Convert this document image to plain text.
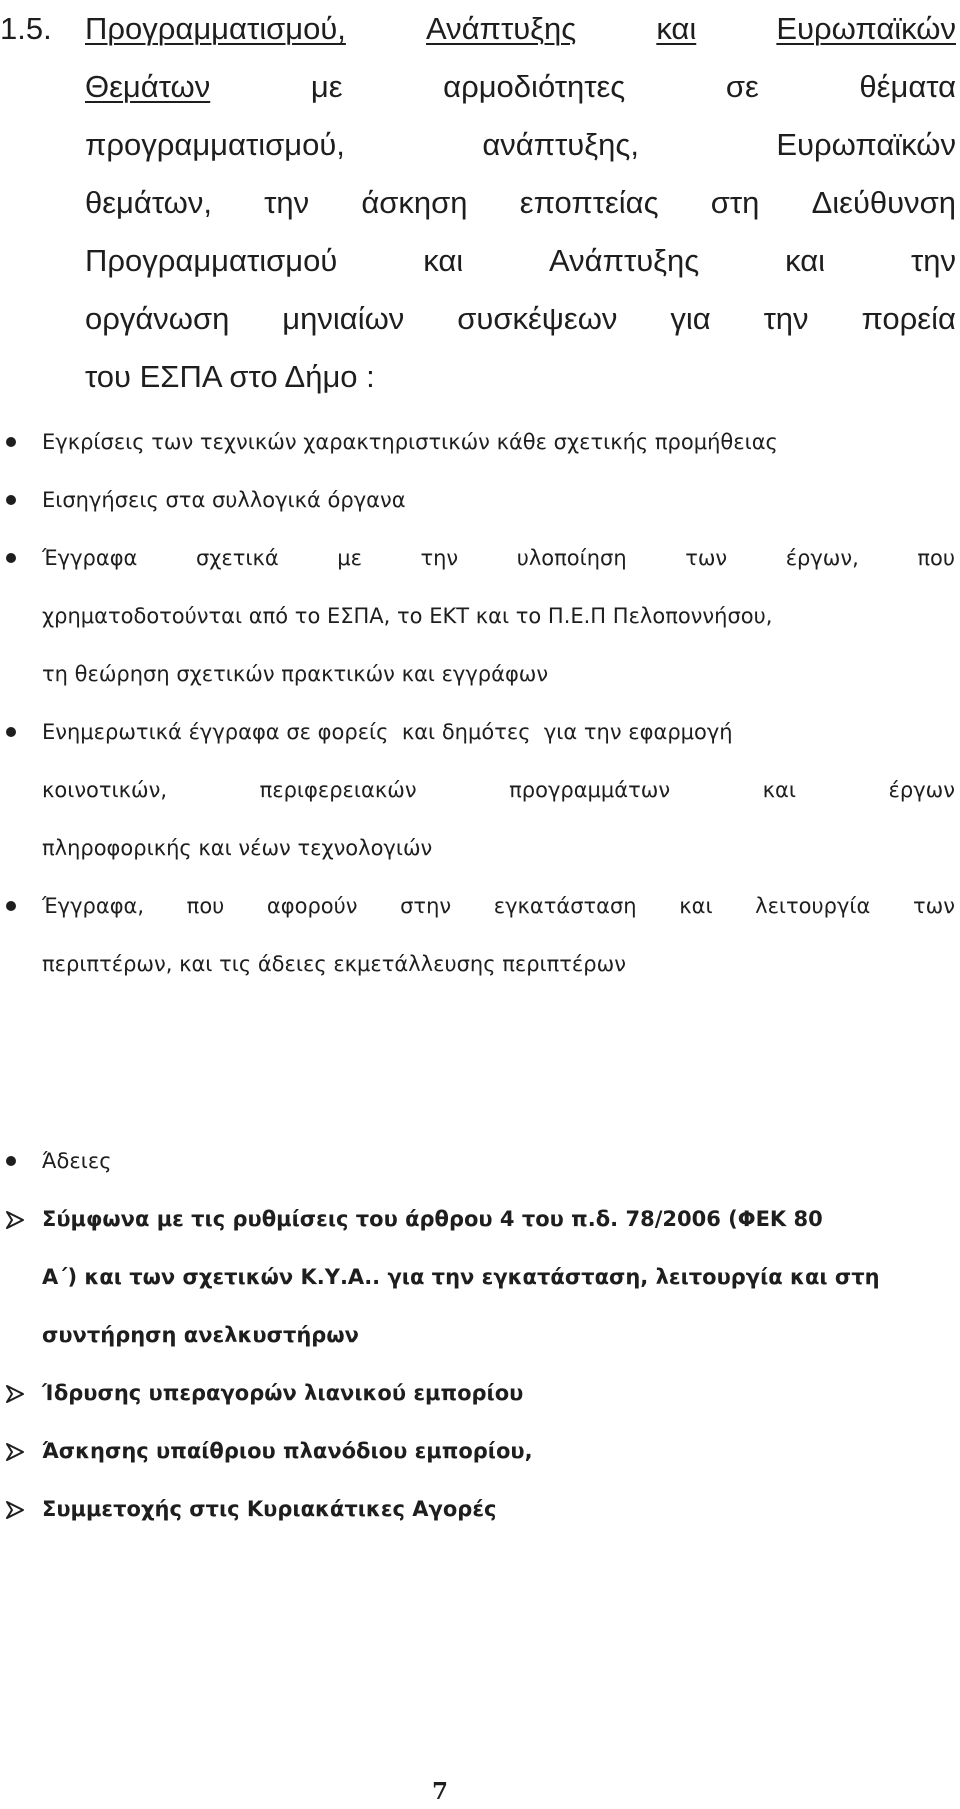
1.5.	Προγραμματισμού,	Ανάπτυξης	και	Ευρωπαϊκών
Θεμάτων	με	αρμοδιότητες	σε	θέματα
προγραμματισμού,	ανάπτυξης,	Ευρωπαϊκών
θεμάτων, την άσκηση εποπτείας στη Διεύθυνση
Προγραμματισμού	και	Ανάπτυξης	και	την
οργάνωση μηνιαίων συσκέψεων για την πορεία
του ΕΣΠΑ στο Δήμο :
Εγκρίσεις των τεχνικών χαρακτηριστικών κάθε σχετικής προμήθειας
Εισηγήσεις στα συλλογικά όργανα
Έγγραφα	σχετικά	με	την	υλοποίηση	των	έργων,	που
χρηματοδοτούνται από το ΕΣΠΑ, το ΕΚΤ και το Π.Ε.Π Πελοποννήσου,
τη θεώρηση σχετικών πρακτικών και εγγράφων
Ενημερωτικά έγγραφα σε φορείς  και δημότες  για την εφαρμογή
κοινοτικών,	περιφερειακών	προγραμμάτων	και	έργων
πληροφορικής και νέων τεχνολογιών
Έγγραφα, που αφορούν στην εγκατάσταση και λειτουργία των
περιπτέρων, και τις άδειες εκμετάλλευσης περιπτέρων
Άδειες
Σύμφωνα με τις ρυθμίσεις του άρθρου 4 του π.δ. 78/2006 (ΦΕΚ 80
Α΄) και των σχετικών Κ.Υ.Α.. για την εγκατάσταση, λειτουργία και στη
συντήρηση ανελκυστήρων
Ίδρυσης υπεραγορών λιανικού εμπορίου
Άσκησης υπαίθριου πλανόδιου εμπορίου,
Συμμετοχής στις Κυριακάτικες Αγορές
7
